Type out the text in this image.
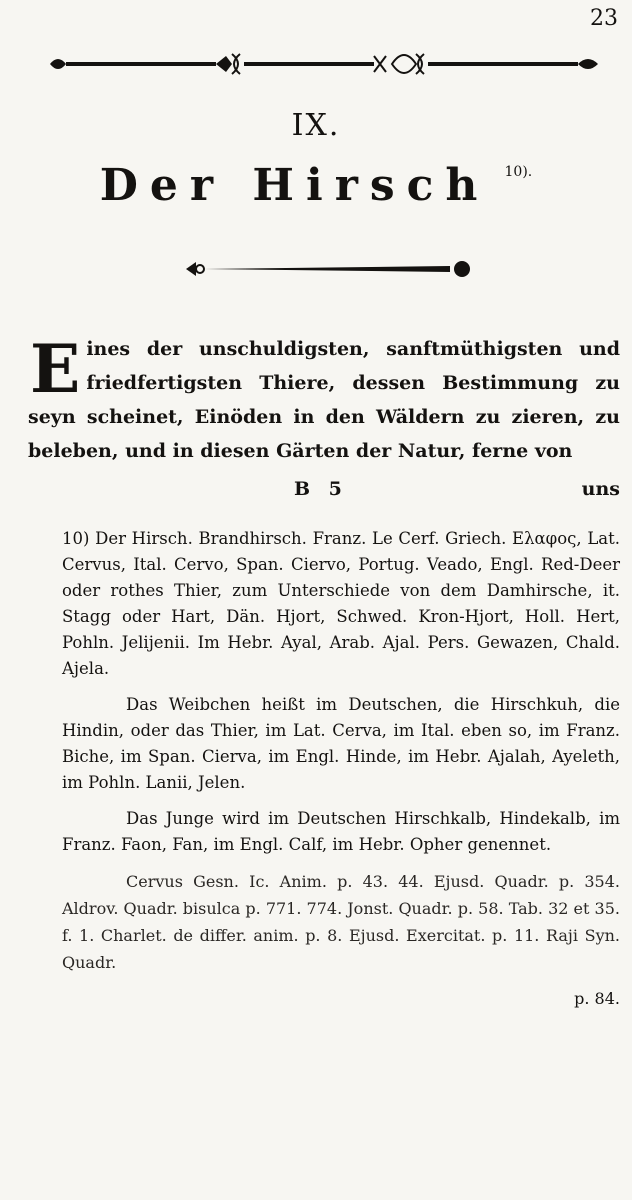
23
IX.
Der Hirsch 10).
Eines der unschuldigsten, sanftmüthigsten und friedfertigsten Thiere, dessen Bestimmung zu seyn scheinet, Einöden in den Wäldern zu zieren, zu beleben, und in diesen Gärten der Natur, ferne von
B 5	uns

10) Der Hirsch. Brandhirsch. Franz. Le Cerf. Griech. Ελαφος, Lat. Cervus, Ital. Cervo, Span. Ciervo, Portug. Veado, Engl. Red-Deer oder rothes Thier, zum Unterschiede von dem Damhirsche, it. Stagg oder Hart, Dän. Hjort, Schwed. Kron-Hjort, Holl. Hert, Pohln. Jelijenii. Im Hebr. Ayal, Arab. Ajal. Pers. Gewazen, Chald. Ajela.

Das Weibchen heißt im Deutschen, die Hirschkuh, die Hindin, oder das Thier, im Lat. Cerva, im Ital. eben so, im Franz. Biche, im Span. Cierva, im Engl. Hinde, im Hebr. Ajalah, Ayeleth, im Pohln. Lanii, Jelen.

Das Junge wird im Deutschen Hirschkalb, Hindekalb, im Franz. Faon, Fan, im Engl. Calf, im Hebr. Opher genennet.

Cervus Gesn. Ic. Anim. p. 43. 44. Ejusd. Quadr. p. 354. Aldrov. Quadr. bisulca p. 771. 774. Jonst. Quadr. p. 58. Tab. 32 et 35. f. 1. Charlet. de differ. anim. p. 8. Ejusd. Exercitat. p. 11. Raji Syn. Quadr.

p. 84.
